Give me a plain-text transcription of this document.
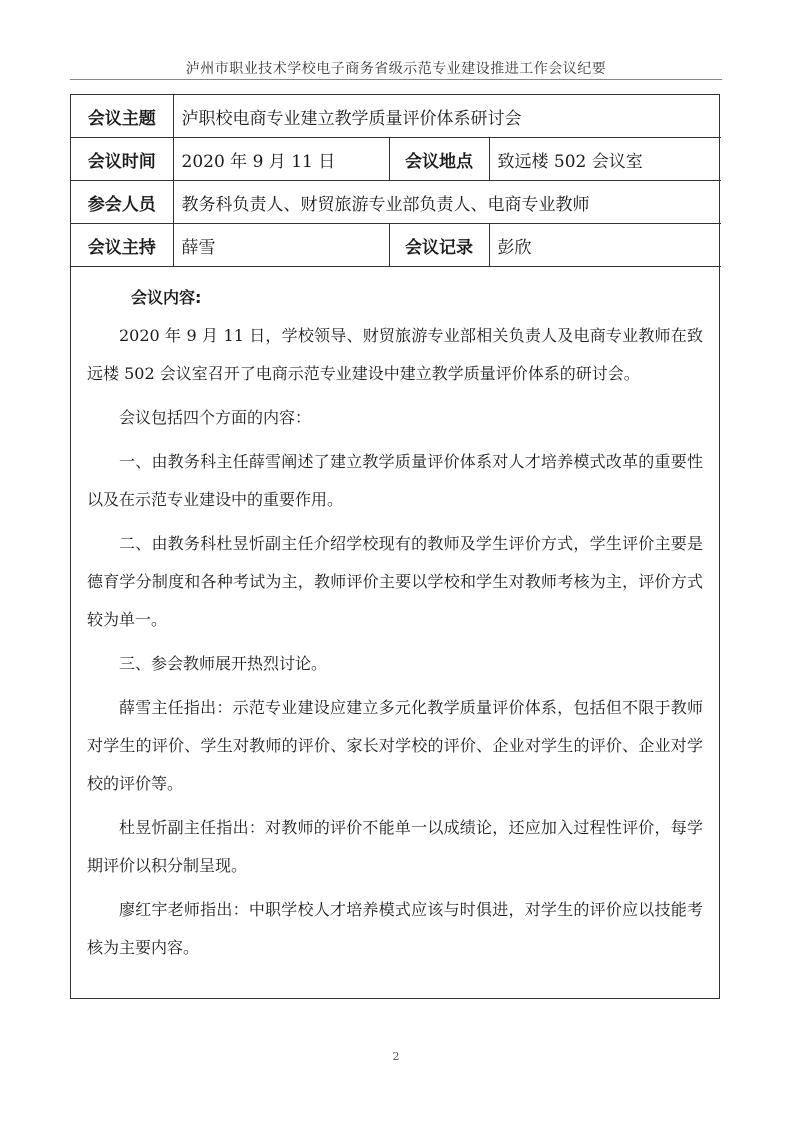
泸州市职业技术学校电子商务省级示范专业建设推进工作会议纪要
会议主题	泸职校电商专业建立教学质量评价体系研讨会		
会议时间	2020 年 9 月 11 日	会议地点	致远楼 502 会议室
参会人员	教务科负责人、财贸旅游专业部负责人、电商专业教师		
会议主持	薛雪	会议记录	彭欣
会议内容:

2020 年 9 月 11 日，学校领导、财贸旅游专业部相关负责人及电商专业教师在致远楼 502 会议室召开了电商示范专业建设中建立教学质量评价体系的研讨会。

会议包括四个方面的内容：

一、由教务科主任薛雪阐述了建立教学质量评价体系对人才培养模式改革的重要性以及在示范专业建设中的重要作用。

二、由教务科杜昱忻副主任介绍学校现有的教师及学生评价方式，学生评价主要是德育学分制度和各种考试为主，教师评价主要以学校和学生对教师考核为主，评价方式较为单一。

三、参会教师展开热烈讨论。

薛雪主任指出：示范专业建设应建立多元化教学质量评价体系，包括但不限于教师对学生的评价、学生对教师的评价、家长对学校的评价、企业对学生的评价、企业对学校的评价等。

杜昱忻副主任指出：对教师的评价不能单一以成绩论，还应加入过程性评价，每学期评价以积分制呈现。

廖红宇老师指出：中职学校人才培养模式应该与时俱进，对学生的评价应以技能考核为主要内容。

2
